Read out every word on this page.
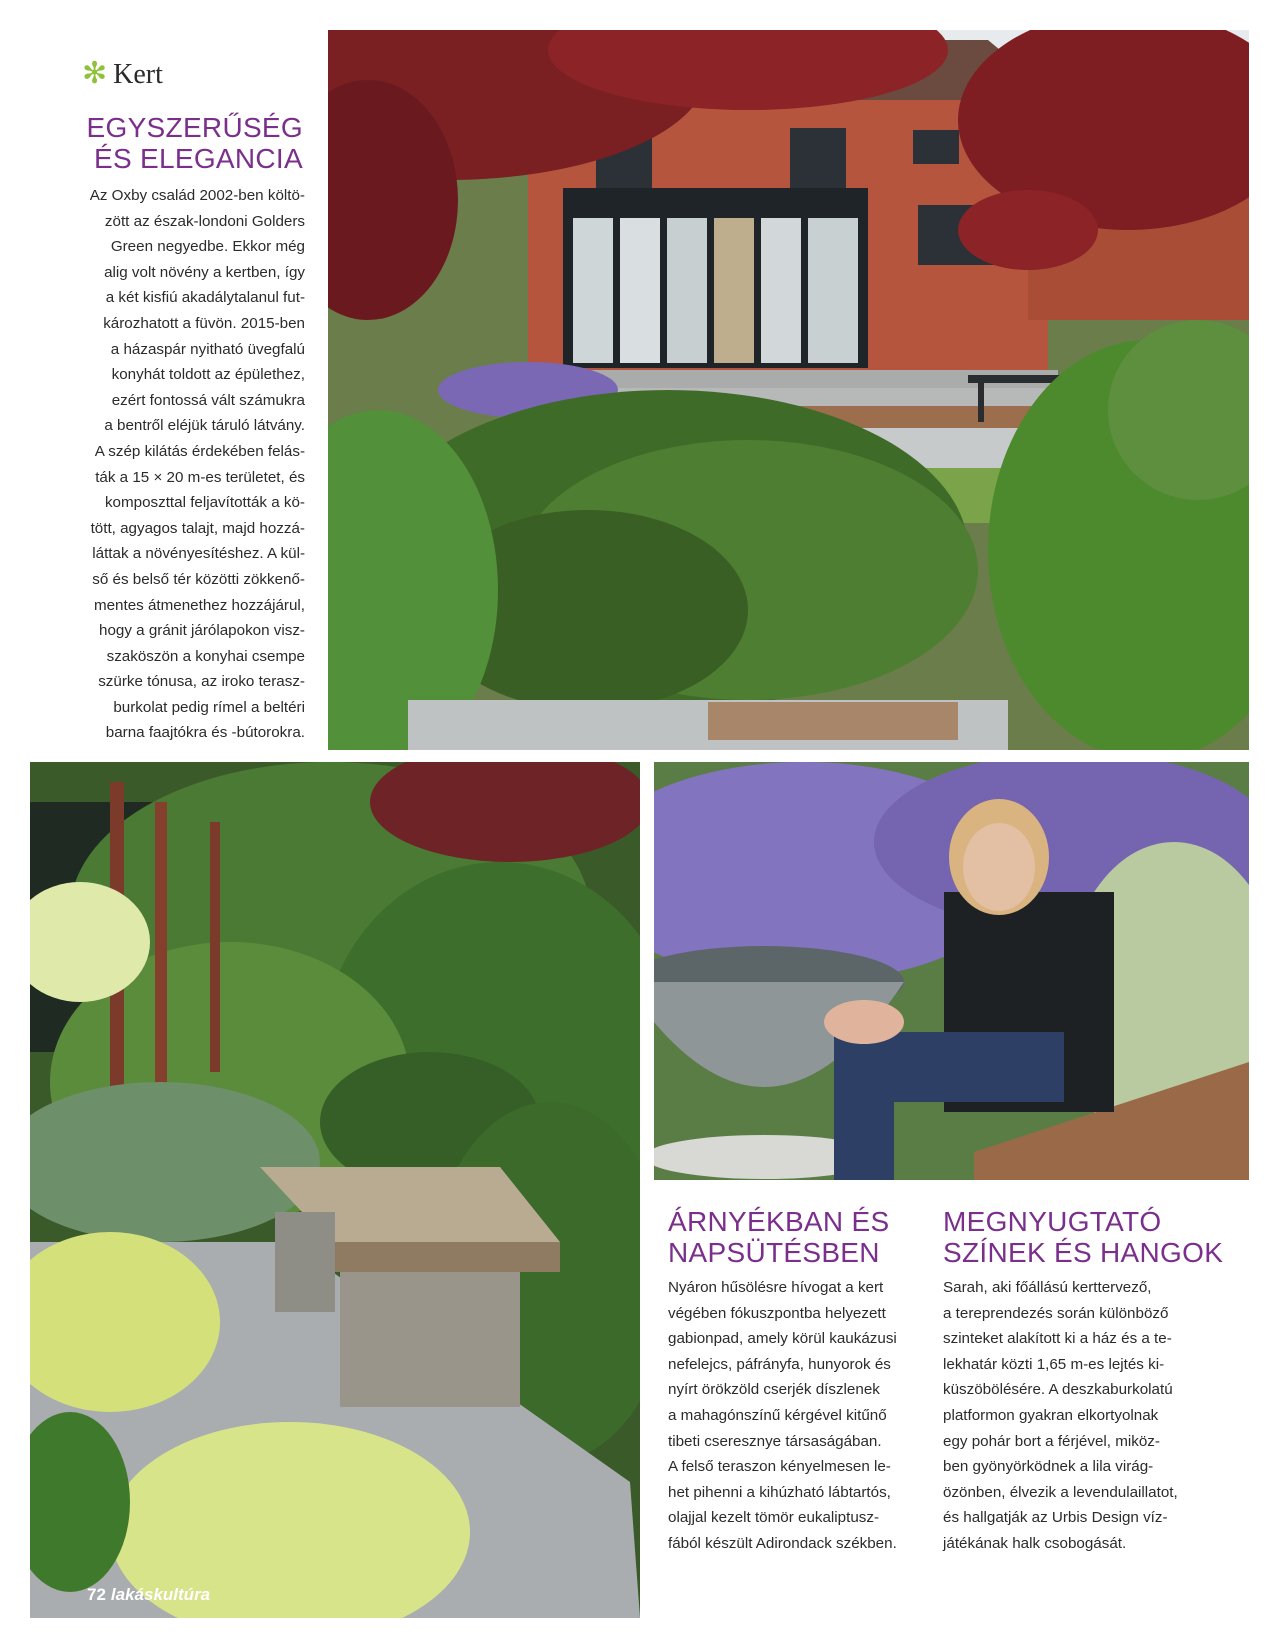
✻ Kert
EGYSZERŰSÉG
ÉS ELEGANCIA
Az Oxby család 2002-ben költö-
zött az észak-londoni Golders
Green negyedbe. Ekkor még
alig volt növény a kertben, így
a két kisfiú akadálytalanul fut-
kározhatott a füvön. 2015-ben
a házaspár nyitható üvegfalú
konyhát toldott az épülethez,
ezért fontossá vált számukra
a bentről eléjük táruló látvány.
A szép kilátás érdekében felás-
ták a 15 × 20 m-es területet, és
komposzttal feljavították a kö-
tött, agyagos talajt, majd hozzá-
láttak a növényesítéshez. A kül-
ső és belső tér közötti zökkenő-
mentes átmenethez hozzájárul,
hogy a gránit járólapokon visz-
szaköszön a konyhai csempe
szürke tónusa, az iroko terasz-
burkolat pedig rímel a beltéri
barna faajtókra és -bútorokra.
ÁRNYÉKBAN ÉS
NAPSÜTÉSBEN
Nyáron hűsölésre hívogat a kert
végében fókuszpontba helyezett
gabionpad, amely körül kaukázusi
nefelejcs, páfrányfa, hunyorok és
nyírt örökzöld cserjék díszlenek
a mahagónszínű kérgével kitűnő
tibeti cseresznye társaságában.
A felső teraszon kényelmesen le-
het pihenni a kihúzható lábtartós,
olajjal kezelt tömör eukaliptusz-
fából készült Adirondack székben.
MEGNYUGTATÓ
SZÍNEK ÉS HANGOK
Sarah, aki főállású kerttervező,
a tereprendezés során különböző
szinteket alakított ki a ház és a te-
lekhatár közti 1,65 m-es lejtés ki-
küszöbölésére. A deszkaburkolatú
platformon gyakran elkortyolnak
egy pohár bort a férjével, miköz-
ben gyönyörködnek a lila virág-
özönben, élvezik a levendulaillatot,
és hallgatják az Urbis Design víz-
játékának halk csobogását.
72 lakáskultúra
